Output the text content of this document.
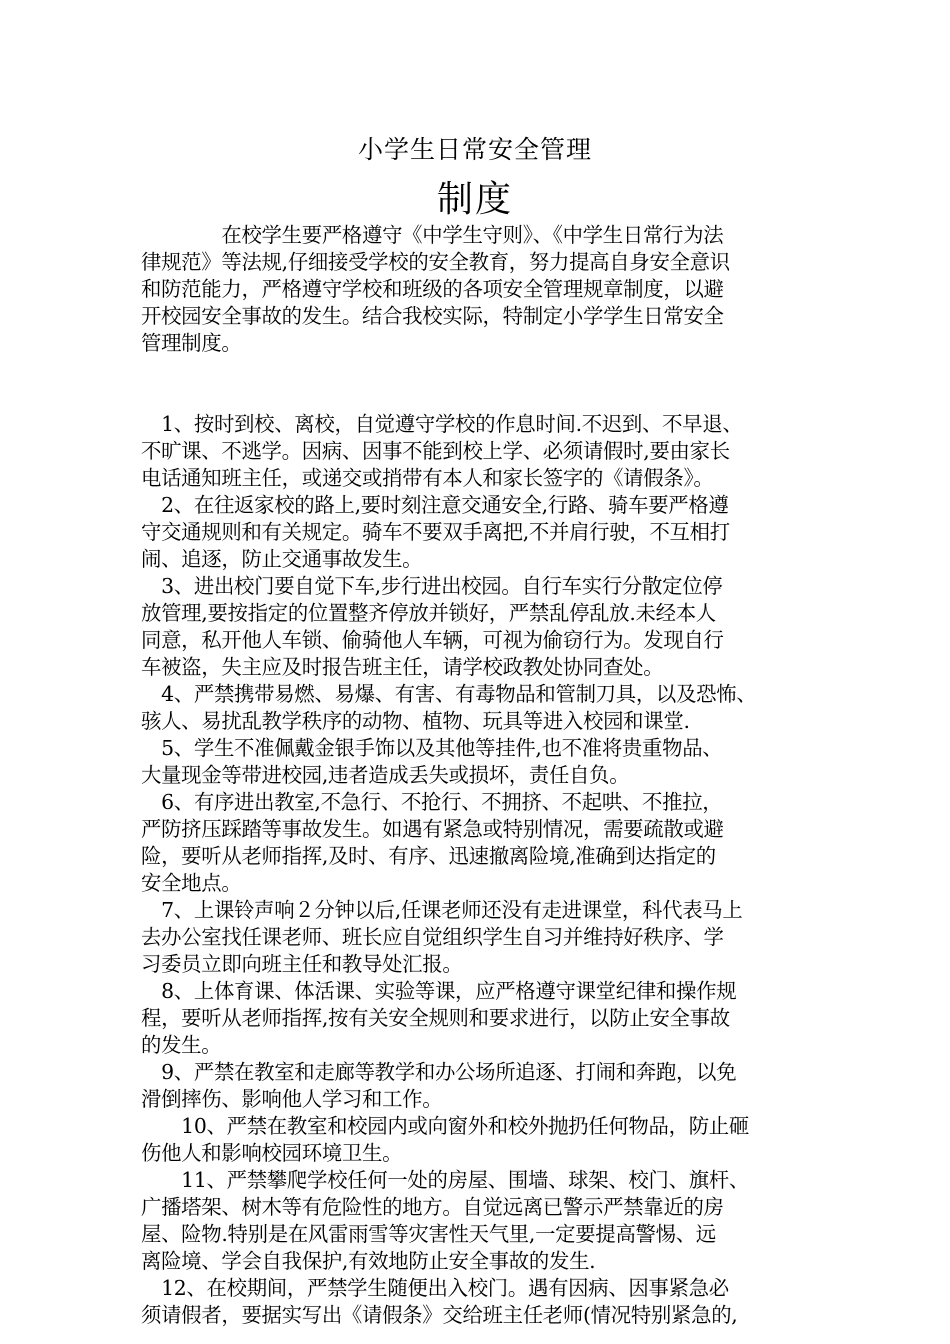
小学生日常安全管理
制度
　　　　在校学生要严格遵守《中学生守则》、《中学生日常行为法
律规范》等法规,仔细接受学校的安全教育，努力提高自身安全意识
和防范能力，严格遵守学校和班级的各项安全管理规章制度，以避
开校园安全事故的发生。结合我校实际，特制定小学学生日常安全
管理制度。
　1、按时到校、离校，自觉遵守学校的作息时间.不迟到、不早退、
不旷课、不逃学。因病、因事不能到校上学、必须请假时,要由家长
电话通知班主任，或递交或捎带有本人和家长签字的《请假条》。
　2、在往返家校的路上,要时刻注意交通安全,行路、骑车要严格遵
守交通规则和有关规定。骑车不要双手离把,不并肩行驶，不互相打
闹、追逐，防止交通事故发生。
　3、进出校门要自觉下车,步行进出校园。自行车实行分散定位停
放管理,要按指定的位置整齐停放并锁好，严禁乱停乱放.未经本人
同意，私开他人车锁、偷骑他人车辆，可视为偷窃行为。发现自行
车被盗，失主应及时报告班主任，请学校政教处协同查处。
　4、严禁携带易燃、易爆、有害、有毒物品和管制刀具，以及恐怖、
骇人、易扰乱教学秩序的动物、植物、玩具等进入校园和课堂.
　5、学生不准佩戴金银手饰以及其他等挂件,也不准将贵重物品、
大量现金等带进校园,违者造成丢失或损坏，责任自负。
　6、有序进出教室,不急行、不抢行、不拥挤、不起哄、不推拉，
严防挤压踩踏等事故发生。如遇有紧急或特别情况，需要疏散或避
险，要听从老师指挥,及时、有序、迅速撤离险境,准确到达指定的
安全地点。
　7、上课铃声响２分钟以后,任课老师还没有走进课堂，科代表马上
去办公室找任课老师、班长应自觉组织学生自习并维持好秩序、学
习委员立即向班主任和教导处汇报。
　8、上体育课、体活课、实验等课，应严格遵守课堂纪律和操作规
程，要听从老师指挥,按有关安全规则和要求进行，以防止安全事故
的发生。
　9、严禁在教室和走廊等教学和办公场所追逐、打闹和奔跑，以免
滑倒摔伤、影响他人学习和工作。
　　10、严禁在教室和校园内或向窗外和校外抛扔任何物品，防止砸
伤他人和影响校园环境卫生。
　　11、严禁攀爬学校任何一处的房屋、围墙、球架、校门、旗杆、
广播塔架、树木等有危险性的地方。自觉远离已警示严禁靠近的房
屋、险物.特别是在风雷雨雪等灾害性天气里,一定要提高警惕、远
离险境、学会自我保护,有效地防止安全事故的发生.
　12、在校期间，严禁学生随便出入校门。遇有因病、因事紧急必
须请假者，要据实写出《请假条》交给班主任老师(情况特别紧急的,
